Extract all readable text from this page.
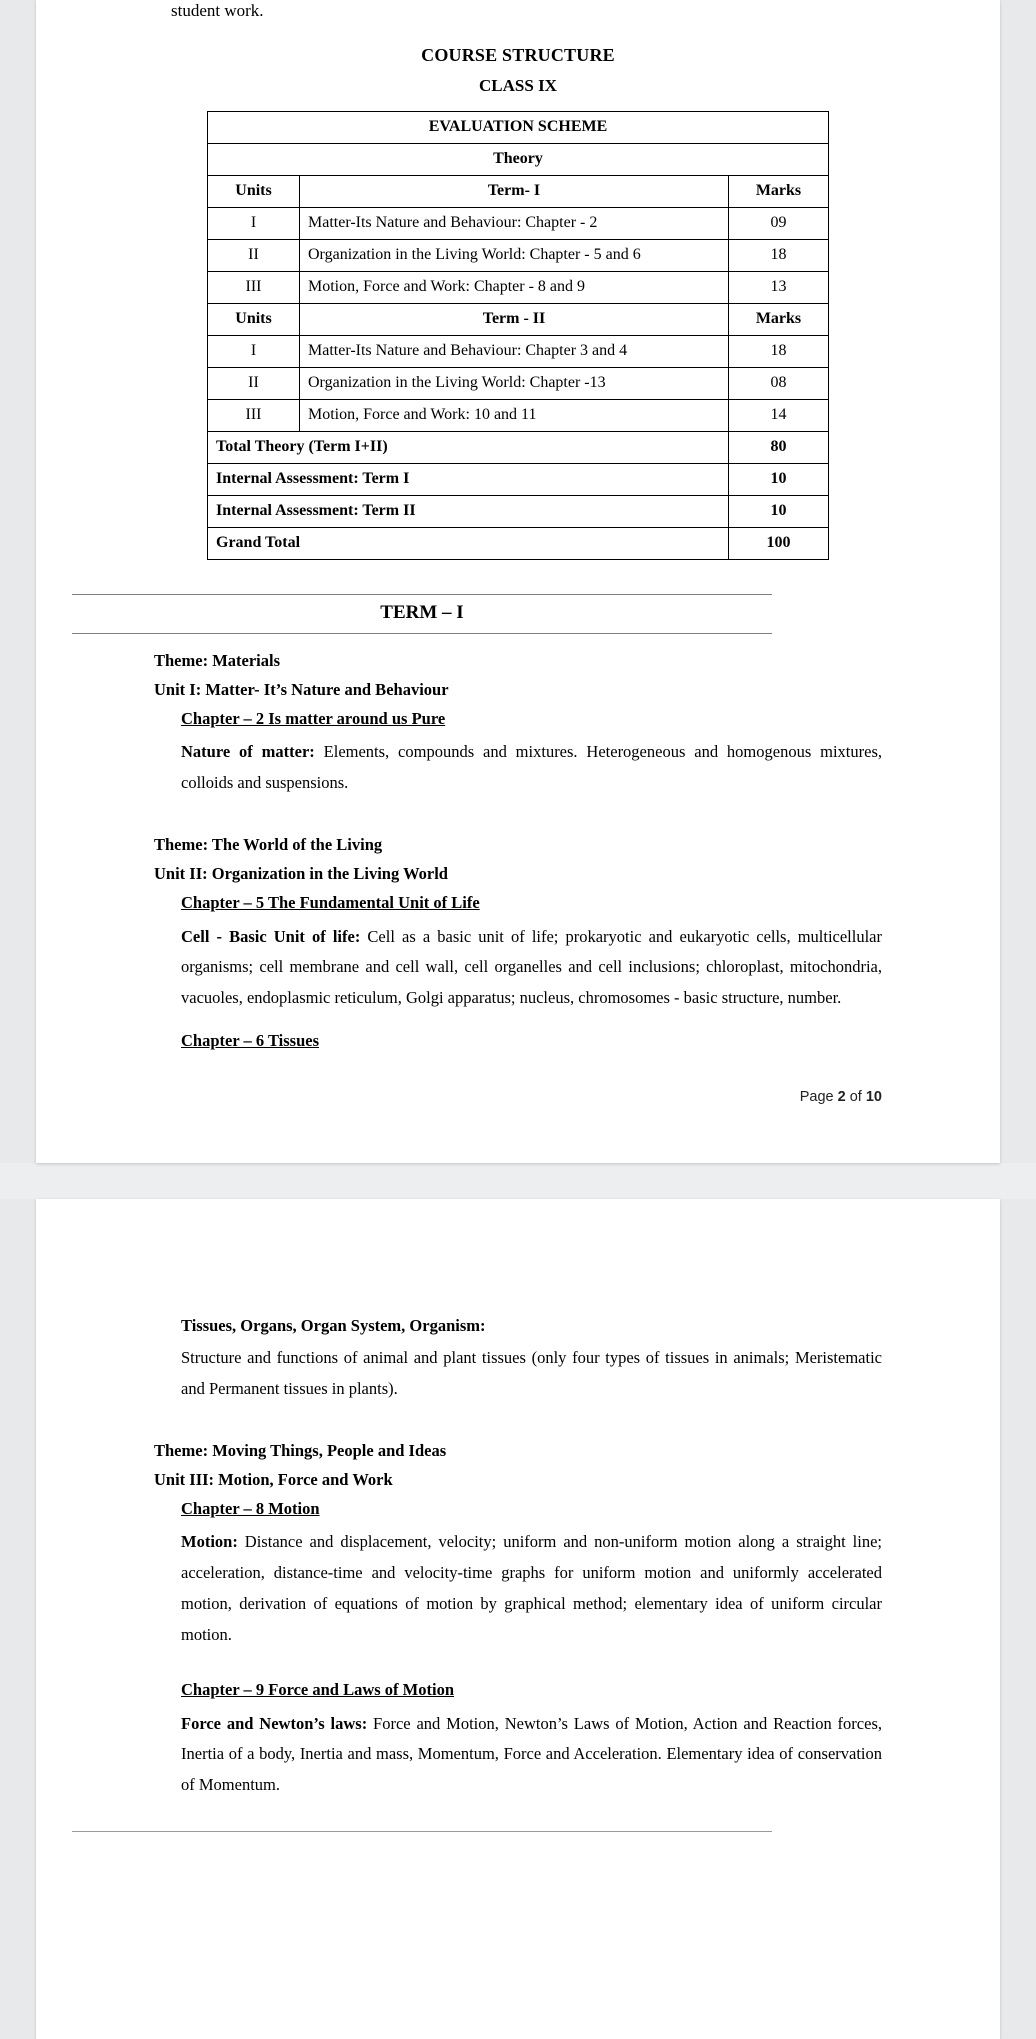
student work.
COURSE STRUCTURE
CLASS IX
EVALUATION SCHEME		
Theory		
Units	Term- I	Marks
I	Matter-Its Nature and Behaviour: Chapter - 2	09
II	Organization in the Living World: Chapter - 5 and 6	18
III	Motion, Force and Work: Chapter - 8 and 9	13
Units	Term - II	Marks
I	Matter-Its Nature and Behaviour: Chapter 3 and 4	18
II	Organization in the Living World: Chapter -13	08
III	Motion, Force and Work: 10 and 11	14
Total Theory (Term I+II)		80
Internal Assessment: Term I		10
Internal Assessment: Term II		10
Grand Total		100
TERM – I
Theme: Materials
Unit I: Matter- It’s Nature and Behaviour
Chapter – 2 Is matter around us Pure
Nature of matter: Elements, compounds and mixtures. Heterogeneous and homogenous mixtures, colloids and suspensions.
Theme: The World of the Living
Unit II: Organization in the Living World
Chapter – 5 The Fundamental Unit of Life
Cell - Basic Unit of life: Cell as a basic unit of life; prokaryotic and eukaryotic cells, multicellular organisms; cell membrane and cell wall, cell organelles and cell inclusions; chloroplast, mitochondria, vacuoles, endoplasmic reticulum, Golgi apparatus; nucleus, chromosomes - basic structure, number.
Chapter – 6 Tissues
Page 2 of 10
Tissues, Organs, Organ System, Organism:
Structure and functions of animal and plant tissues (only four types of tissues in animals; Meristematic and Permanent tissues in plants).
Theme: Moving Things, People and Ideas
Unit III: Motion, Force and Work
Chapter – 8 Motion
Motion: Distance and displacement, velocity; uniform and non-uniform motion along a straight line; acceleration, distance-time and velocity-time graphs for uniform motion and uniformly accelerated motion, derivation of equations of motion by graphical method; elementary idea of uniform circular motion.
Chapter – 9 Force and Laws of Motion
Force and Newton’s laws: Force and Motion, Newton’s Laws of Motion, Action and Reaction forces, Inertia of a body, Inertia and mass, Momentum, Force and Acceleration. Elementary idea of conservation of Momentum.
